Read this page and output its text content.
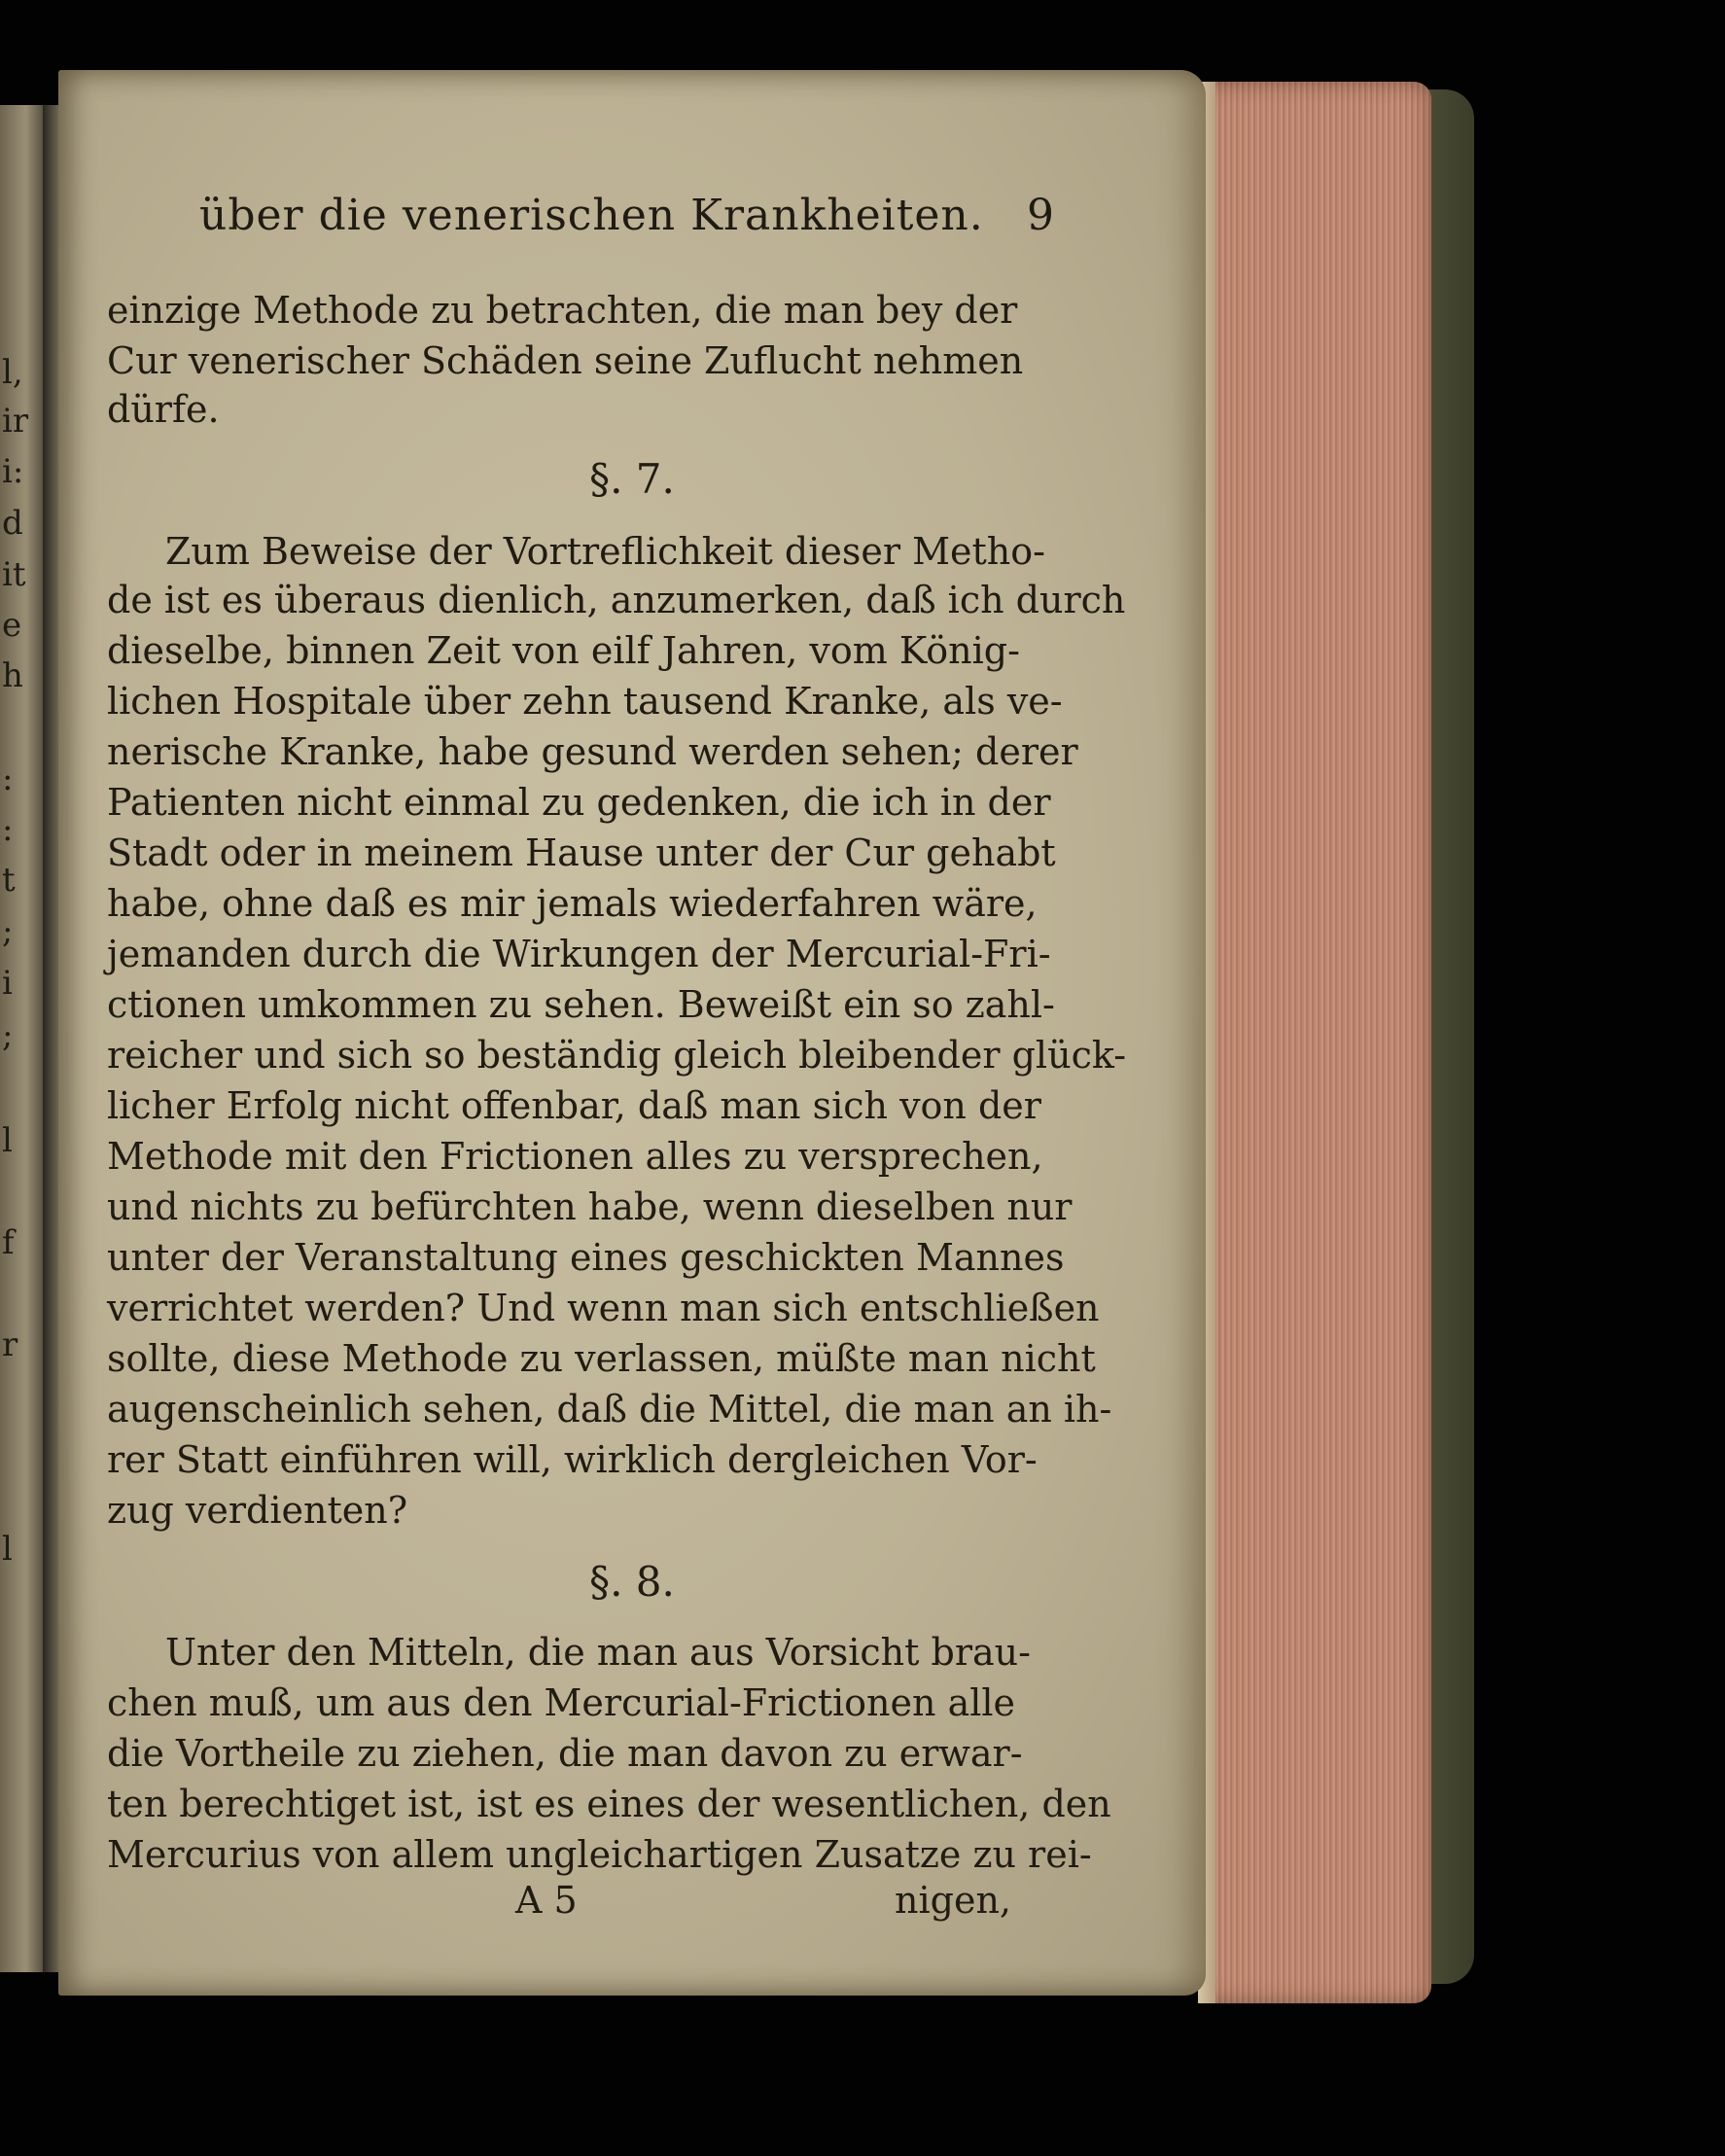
l,
ir
i:
d
it
e
h
:
:
t
;
i
;
l
f
r
l
über die venerischen Krankheiten. 9
einzige Methode zu betrachten, die man bey der
Cur venerischer Schäden seine Zuflucht nehmen
dürfe.
§. 7.
Zum Beweise der Vortreflichkeit dieser Metho-
de ist es überaus dienlich, anzumerken, daß ich durch
dieselbe, binnen Zeit von eilf Jahren, vom König-
lichen Hospitale über zehn tausend Kranke, als ve-
nerische Kranke, habe gesund werden sehen; derer
Patienten nicht einmal zu gedenken, die ich in der
Stadt oder in meinem Hause unter der Cur gehabt
habe, ohne daß es mir jemals wiederfahren wäre,
jemanden durch die Wirkungen der Mercurial-Fri-
ctionen umkommen zu sehen. Beweißt ein so zahl-
reicher und sich so beständig gleich bleibender glück-
licher Erfolg nicht offenbar, daß man sich von der
Methode mit den Frictionen alles zu versprechen,
und nichts zu befürchten habe, wenn dieselben nur
unter der Veranstaltung eines geschickten Mannes
verrichtet werden? Und wenn man sich entschließen
sollte, diese Methode zu verlassen, müßte man nicht
augenscheinlich sehen, daß die Mittel, die man an ih-
rer Statt einführen will, wirklich dergleichen Vor-
zug verdienten?
§. 8.
Unter den Mitteln, die man aus Vorsicht brau-
chen muß, um aus den Mercurial-Frictionen alle
die Vortheile zu ziehen, die man davon zu erwar-
ten berechtiget ist, ist es eines der wesentlichen, den
Mercurius von allem ungleichartigen Zusatze zu rei-
A 5	nigen,
